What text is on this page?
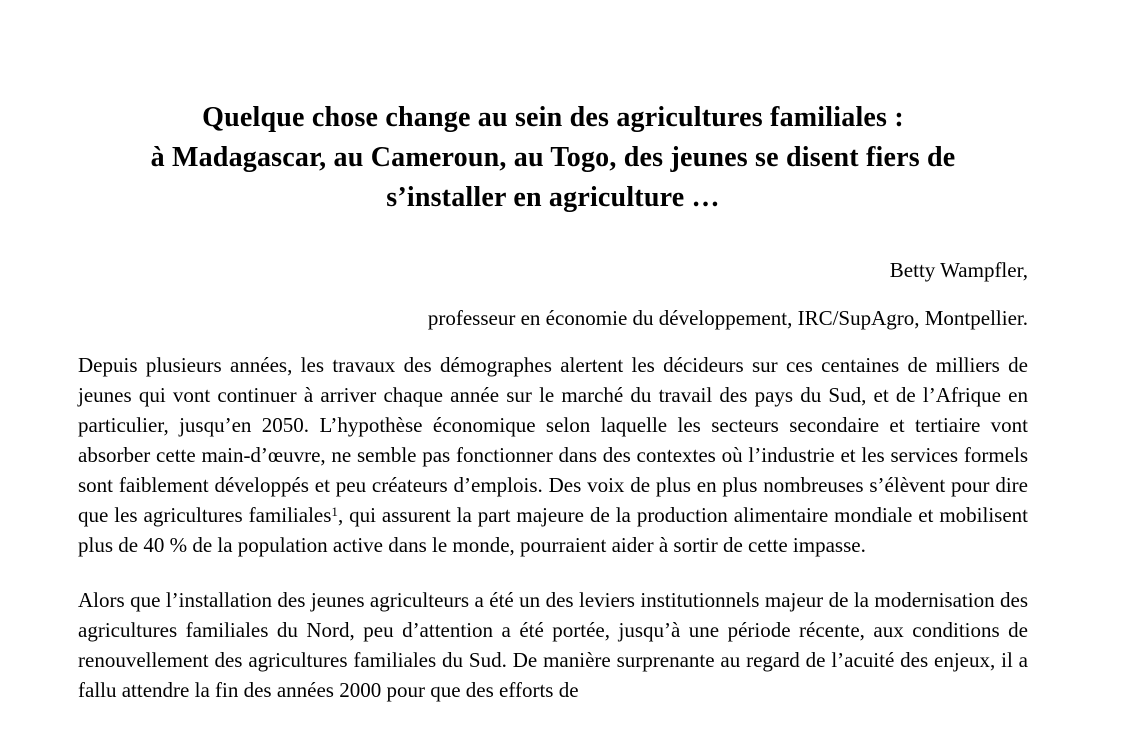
Quelque chose change au sein des agricultures familiales :
à Madagascar, au Cameroun, au Togo, des jeunes se disent fiers de
s’installer en agriculture …

Betty Wampfler,

professeur en économie du développement, IRC/SupAgro, Montpellier.

Depuis plusieurs années, les travaux des démographes alertent les décideurs sur ces centaines de milliers de jeunes qui vont continuer à arriver chaque année sur le marché du travail des pays du Sud, et de l’Afrique en particulier, jusqu’en 2050. L’hypothèse économique selon laquelle les secteurs secondaire et tertiaire vont absorber cette main-d’œuvre, ne semble pas fonctionner dans des contextes où l’industrie et les services formels sont faiblement développés et peu créateurs d’emplois. Des voix de plus en plus nombreuses s’élèvent pour dire que les agricultures familiales$^1$, qui assurent la part majeure de la production alimentaire mondiale et mobilisent plus de 40 % de la population active dans le monde, pourraient aider à sortir de cette impasse.

Alors que l’installation des jeunes agriculteurs a été un des leviers institutionnels majeur de la modernisation des agricultures familiales du Nord, peu d’attention a été portée, jusqu’à une période récente, aux conditions de renouvellement des agricultures familiales du Sud. De manière surprenante au regard de l’acuité des enjeux, il a fallu attendre la fin des années 2000 pour que des efforts de
